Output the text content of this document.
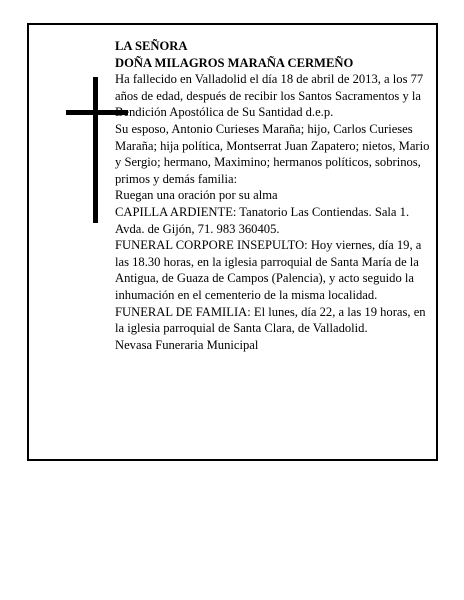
LA SEÑORA

DOÑA MILAGROS MARAÑA CERMEÑO

Ha fallecido en Valladolid el día 18 de abril de 2013, a los 77 años de edad, después de recibir los Santos Sacramentos y la Bendición Apostólica de Su Santidad d.e.p.

Su esposo, Antonio Curieses Maraña; hijo, Carlos Curieses Maraña; hija política, Montserrat Juan Zapatero; nietos, Mario y Sergio; hermano, Maximino; hermanos políticos, sobrinos, primos y demás familia:

Ruegan una oración por su alma

CAPILLA ARDIENTE: Tanatorio Las Contiendas. Sala 1. Avda. de Gijón, 71. 983 360405.

FUNERAL CORPORE INSEPULTO: Hoy viernes, día 19, a las 18.30 horas, en la iglesia parroquial de Santa María de la Antigua, de Guaza de Campos (Palencia), y acto seguido la inhumación en el cementerio de la misma localidad.

FUNERAL DE FAMILIA: El lunes, día 22, a las 19 horas, en la iglesia parroquial de Santa Clara, de Valladolid.

Nevasa Funeraria Municipal
